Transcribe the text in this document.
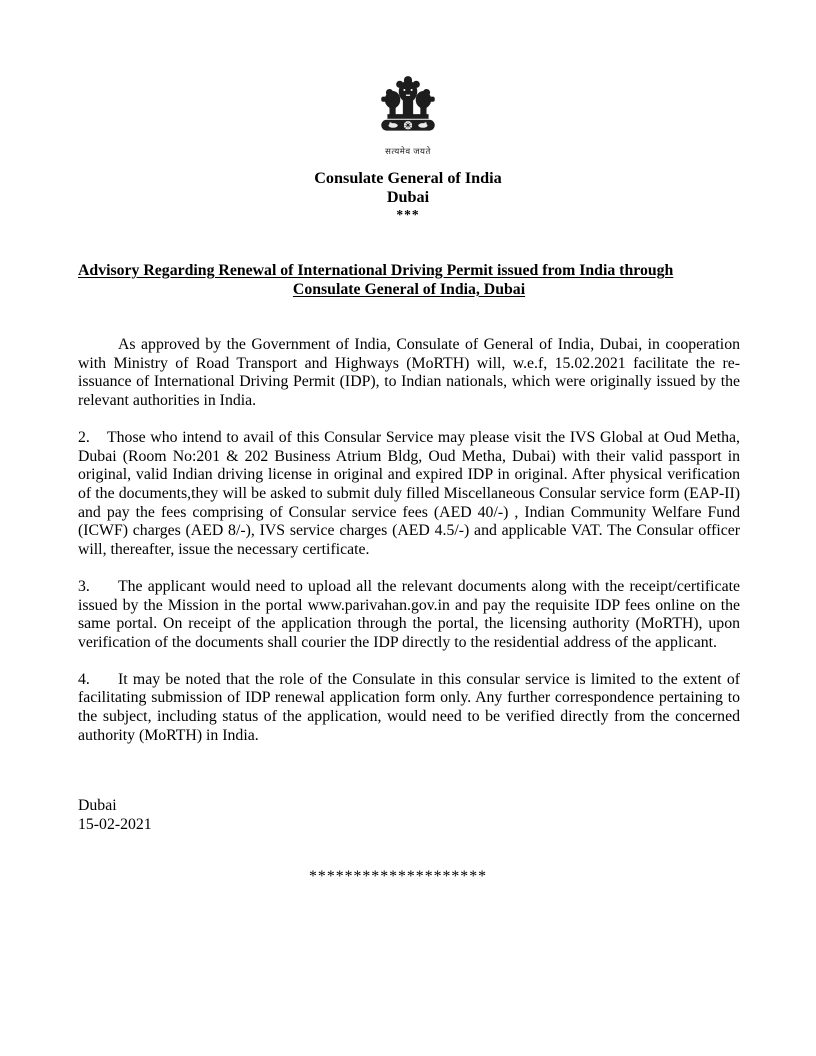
सत्यमेव जयते
Consulate General of India
Dubai
***
Advisory Regarding Renewal of International Driving Permit issued from India through
Consulate General of India, Dubai

As approved by the Government of India, Consulate of General of India, Dubai, in cooperation with Ministry of Road Transport and Highways (MoRTH) will, w.e.f, 15.02.2021 facilitate the re-issuance of International Driving Permit (IDP), to Indian nationals, which were originally issued by the relevant authorities in India.

2. Those who intend to avail of this Consular Service may please visit the IVS Global at Oud Metha, Dubai (Room No:201 & 202 Business Atrium Bldg, Oud Metha, Dubai) with their valid passport in original, valid Indian driving license in original and expired IDP in original. After physical verification of the documents,they will be asked to submit duly filled Miscellaneous Consular service form (EAP-II) and pay the fees comprising of Consular service fees (AED 40/-) , Indian Community Welfare Fund (ICWF) charges (AED 8/-), IVS service charges (AED 4.5/-) and applicable VAT. The Consular officer will, thereafter, issue the necessary certificate.

3. The applicant would need to upload all the relevant documents along with the receipt/certificate issued by the Mission in the portal www.parivahan.gov.in and pay the requisite IDP fees online on the same portal. On receipt of the application through the portal, the licensing authority (MoRTH), upon verification of the documents shall courier the IDP directly to the residential address of the applicant.

4. It may be noted that the role of the Consulate in this consular service is limited to the extent of facilitating submission of IDP renewal application form only. Any further correspondence pertaining to the subject, including status of the application, would need to be verified directly from the concerned authority (MoRTH) in India.

Dubai
15-02-2021
********************
